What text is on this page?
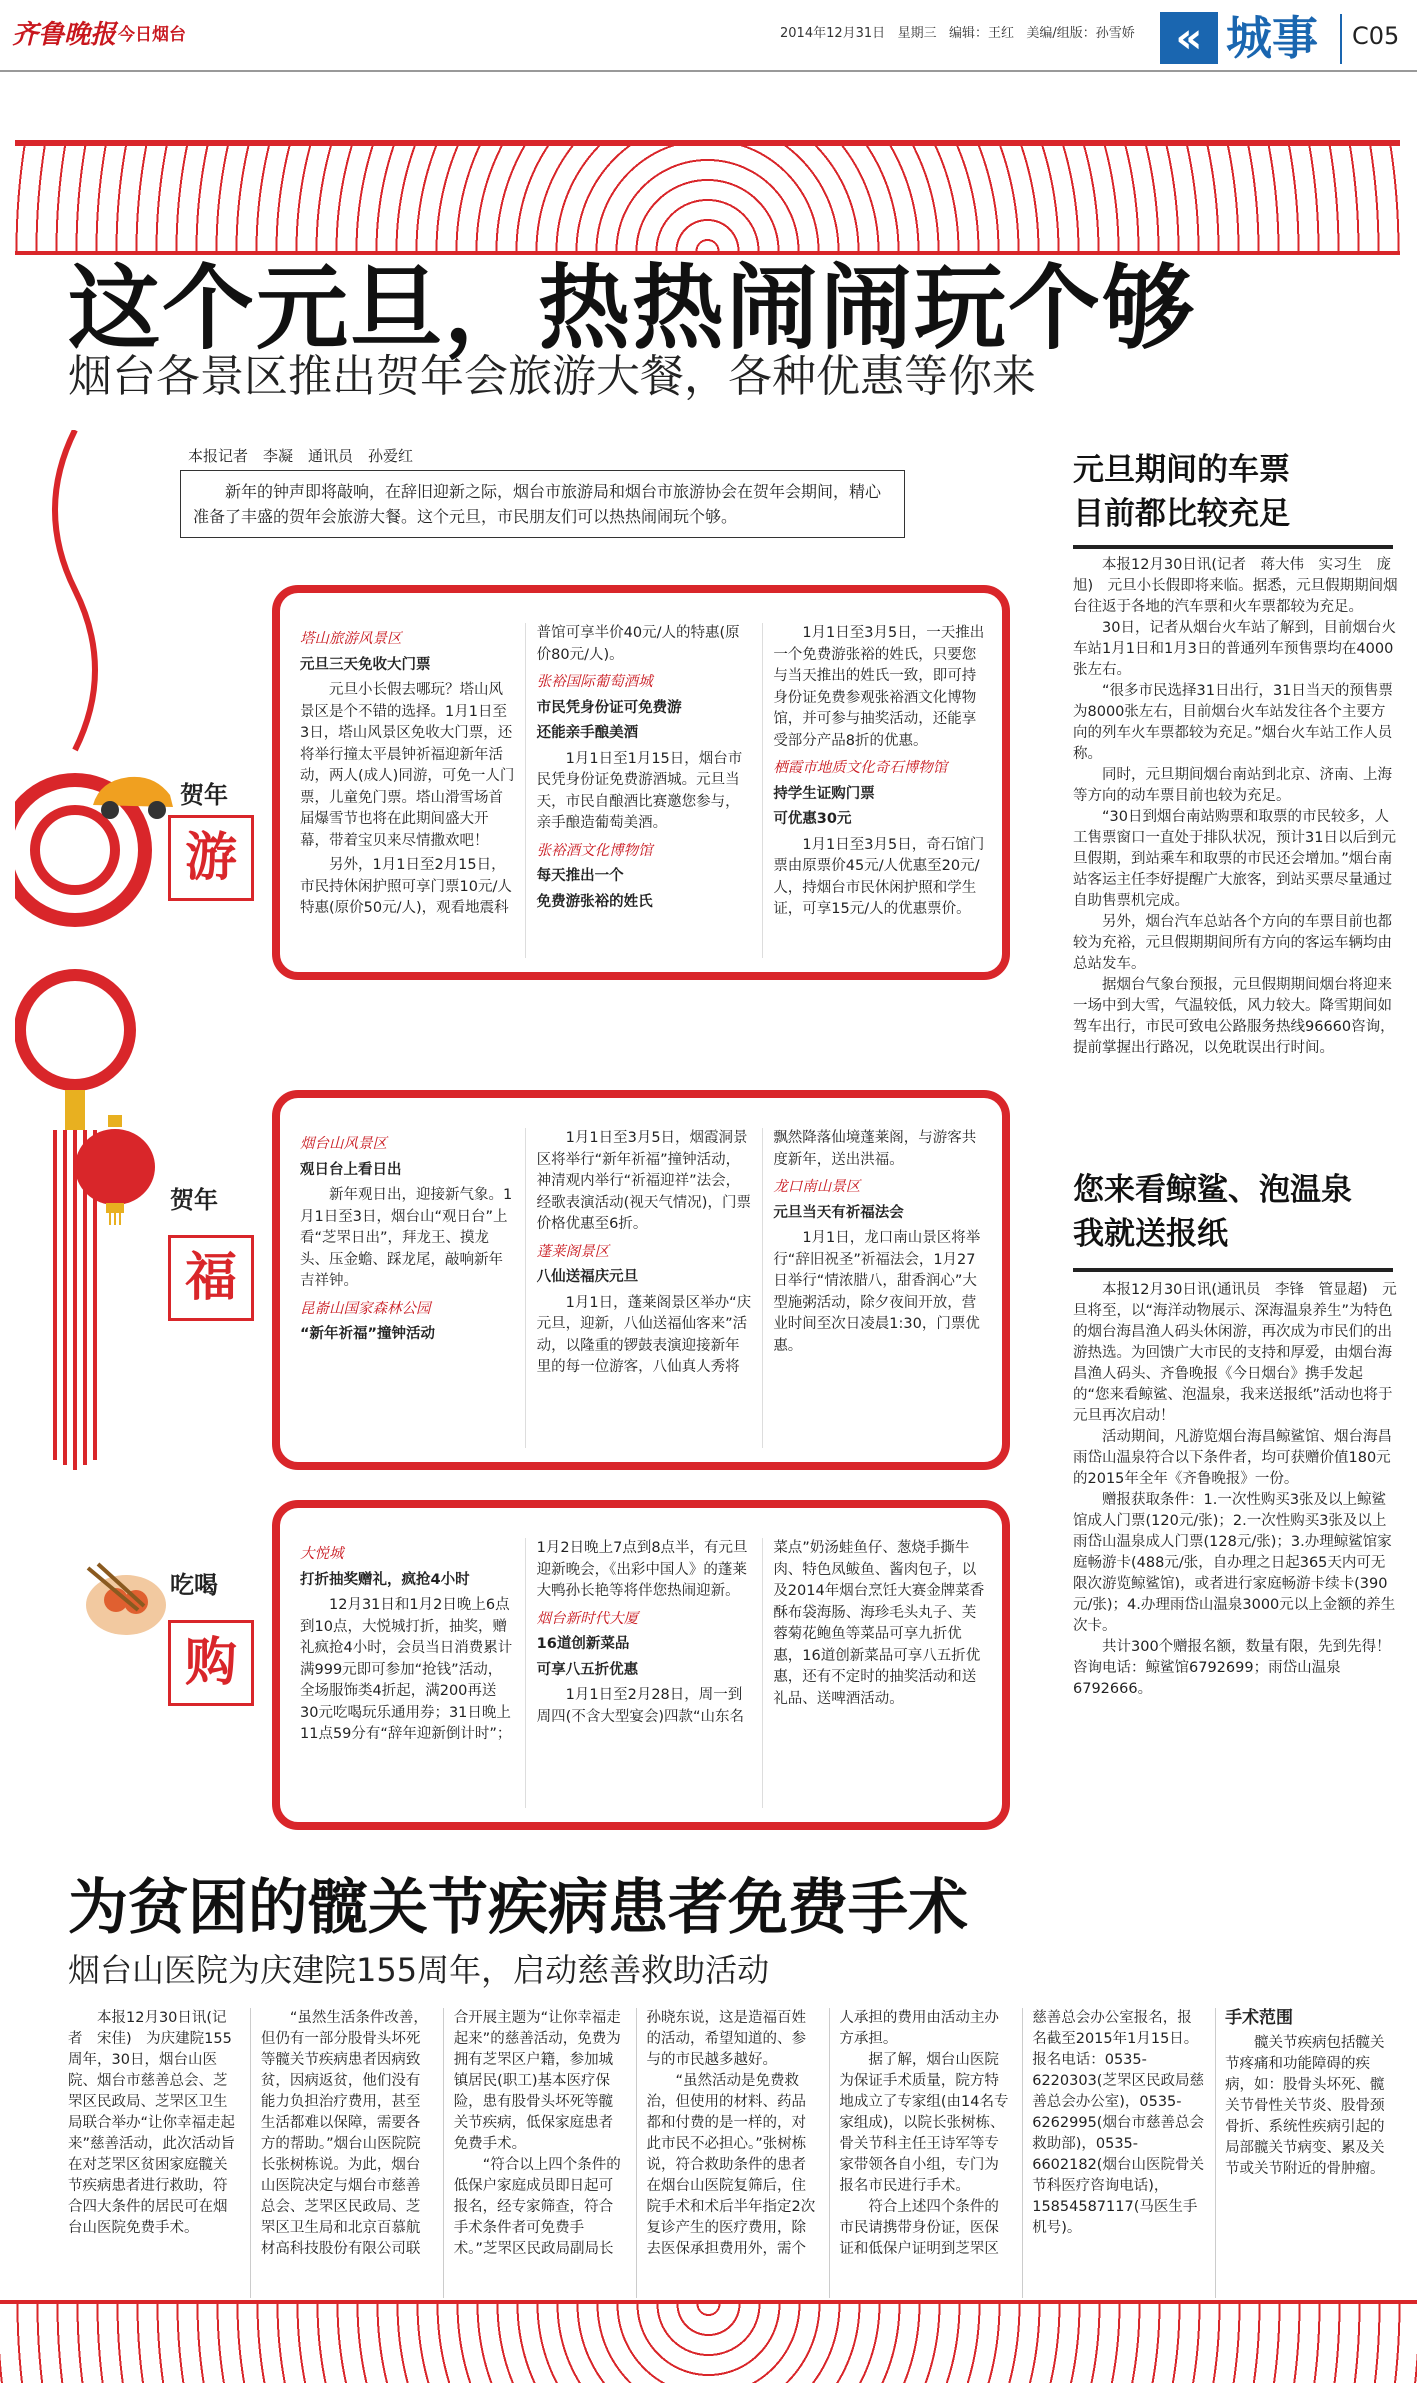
齐鲁晚报 今日烟台	2014年12月31日   星期三   编辑：王红   美编/组版：孙雪娇 « 城事 C05
这个元旦，热热闹闹玩个够
烟台各景区推出贺年会旅游大餐，各种优惠等你来
本报记者　李凝　通讯员　孙爱红
新年的钟声即将敲响，在辞旧迎新之际，烟台市旅游局和烟台市旅游协会在贺年会期间，精心准备了丰盛的贺年会旅游大餐。这个元旦，市民朋友们可以热热闹闹玩个够。
贺年
游
贺年
福
吃喝
购
塔山旅游风景区
元旦三天免收大门票

元旦小长假去哪玩？塔山风景区是个不错的选择。1月1日至3日，塔山风景区免收大门票，还将举行撞太平晨钟祈福迎新年活动，两人(成人)同游，可免一人门票，儿童免门票。塔山滑雪场首届爆雪节也将在此期间盛大开幕，带着宝贝来尽情撒欢吧！

另外，1月1日至2月15日，市民持休闲护照可享门票10元/人特惠(原价50元/人)，观看地震科普馆可享半价40元/人的特惠(原价80元/人)。

张裕国际葡萄酒城
市民凭身份证可免费游
还能亲手酿美酒

1月1日至1月15日，烟台市民凭身份证免费游酒城。元旦当天，市民自酿酒比赛邀您参与，亲手酿造葡萄美酒。

张裕酒文化博物馆
每天推出一个
免费游张裕的姓氏

1月1日至3月5日，一天推出一个免费游张裕的姓氏，只要您与当天推出的姓氏一致，即可持身份证免费参观张裕酒文化博物馆，并可参与抽奖活动，还能享受部分产品8折的优惠。

栖霞市地质文化奇石博物馆
持学生证购门票
可优惠30元

1月1日至3月5日，奇石馆门票由原票价45元/人优惠至20元/人，持烟台市民休闲护照和学生证，可享15元/人的优惠票价。

烟台山风景区
观日台上看日出

新年观日出，迎接新气象。1月1日至3日，烟台山“观日台”上看“芝罘日出”，拜龙王、摸龙头、压金蟾、踩龙尾，敲响新年吉祥钟。

昆嵛山国家森林公园
“新年祈福”撞钟活动

1月1日至3月5日，烟霞洞景区将举行“新年祈福”撞钟活动，神清观内举行“祈福迎祥”法会，经歌表演活动(视天气情况)，门票价格优惠至6折。

蓬莱阁景区
八仙送福庆元旦

1月1日，蓬莱阁景区举办“庆元旦，迎新，八仙送福仙客来”活动，以隆重的锣鼓表演迎接新年里的每一位游客，八仙真人秀将飘然降落仙境蓬莱阁，与游客共度新年，送出洪福。

龙口南山景区
元旦当天有祈福法会

1月1日，龙口南山景区将举行“辞旧祝圣”祈福法会，1月27日举行“情浓腊八，甜香润心”大型施粥活动，除夕夜间开放，营业时间至次日凌晨1:30，门票优惠。

大悦城
打折抽奖赠礼，疯抢4小时

12月31日和1月2日晚上6点到10点，大悦城打折，抽奖，赠礼疯抢4小时，会员当日消费累计满999元即可参加“抢钱”活动，全场服饰类4折起，满200再送30元吃喝玩乐通用券；31日晚上11点59分有“辞年迎新倒计时”；1月2日晚上7点到8点半，有元旦迎新晚会，《出彩中国人》的蓬莱大鸭孙长艳等将伴您热闹迎新。

烟台新时代大厦
16道创新菜品
可享八五折优惠

1月1日至2月28日，周一到周四(不含大型宴会)四款“山东名菜点”奶汤蛙鱼仔、葱烧手撕牛肉、特色凤鲅鱼、酱肉包子，以及2014年烟台烹饪大赛金牌菜香酥布袋海肠、海珍毛头丸子、芙蓉菊花鲍鱼等菜品可享九折优惠，16道创新菜品可享八五折优惠，还有不定时的抽奖活动和送礼品、送啤酒活动。

元旦期间的车票
目前都比较充足

本报12月30日讯(记者　蒋大伟　实习生　庞旭)　元旦小长假即将来临。据悉，元旦假期期间烟台往返于各地的汽车票和火车票都较为充足。

30日，记者从烟台火车站了解到，目前烟台火车站1月1日和1月3日的普通列车预售票均在4000张左右。

“很多市民选择31日出行，31日当天的预售票为8000张左右，目前烟台火车站发往各个主要方向的列车火车票都较为充足。”烟台火车站工作人员称。

同时，元旦期间烟台南站到北京、济南、上海等方向的动车票目前也较为充足。

“30日到烟台南站购票和取票的市民较多，人工售票窗口一直处于排队状况，预计31日以后到元旦假期，到站乘车和取票的市民还会增加。”烟台南站客运主任李妤提醒广大旅客，到站买票尽量通过自助售票机完成。

另外，烟台汽车总站各个方向的车票目前也都较为充裕，元旦假期期间所有方向的客运车辆均由总站发车。

据烟台气象台预报，元旦假期期间烟台将迎来一场中到大雪，气温较低，风力较大。降雪期间如驾车出行，市民可致电公路服务热线96660咨询，提前掌握出行路况，以免耽误出行时间。

您来看鲸鲨、泡温泉
我就送报纸

本报12月30日讯(通讯员　李锋　管显超)　元旦将至，以“海洋动物展示、深海温泉养生”为特色的烟台海昌渔人码头休闲游，再次成为市民们的出游热选。为回馈广大市民的支持和厚爱，由烟台海昌渔人码头、齐鲁晚报《今日烟台》携手发起的“您来看鲸鲨、泡温泉，我来送报纸”活动也将于元旦再次启动！

活动期间，凡游览烟台海昌鲸鲨馆、烟台海昌雨岱山温泉符合以下条件者，均可获赠价值180元的2015年全年《齐鲁晚报》一份。

赠报获取条件：1.一次性购买3张及以上鲸鲨馆成人门票(120元/张)；2.一次性购买3张及以上雨岱山温泉成人门票(128元/张)；3.办理鲸鲨馆家庭畅游卡(488元/张，自办理之日起365天内可无限次游览鲸鲨馆)，或者进行家庭畅游卡续卡(390元/张)；4.办理雨岱山温泉3000元以上金额的养生次卡。

共计300个赠报名额，数量有限，先到先得！咨询电话：鲸鲨馆6792699；雨岱山温泉6792666。

为贫困的髋关节疾病患者免费手术
烟台山医院为庆建院155周年，启动慈善救助活动

本报12月30日讯(记者　宋佳)　为庆建院155周年，30日，烟台山医院、烟台市慈善总会、芝罘区民政局、芝罘区卫生局联合举办“让你幸福走起来”慈善活动，此次活动旨在对芝罘区贫困家庭髋关节疾病患者进行救助，符合四大条件的居民可在烟台山医院免费手术。

“虽然生活条件改善，但仍有一部分股骨头坏死等髋关节疾病患者因病致贫，因病返贫，他们没有能力负担治疗费用，甚至生活都难以保障，需要各方的帮助。”烟台山医院院长张树栋说。为此，烟台山医院决定与烟台市慈善总会、芝罘区民政局、芝罘区卫生局和北京百慕航材高科技股份有限公司联合开展主题为“让你幸福走起来”的慈善活动，免费为拥有芝罘区户籍，参加城镇居民(职工)基本医疗保险，患有股骨头坏死等髋关节疾病，低保家庭患者免费手术。

“符合以上四个条件的低保户家庭成员即日起可报名，经专家筛查，符合手术条件者可免费手术。”芝罘区民政局副局长孙晓东说，这是造福百姓的活动，希望知道的、参与的市民越多越好。

“虽然活动是免费救治，但使用的材料、药品都和付费的是一样的，对此市民不必担心。”张树栋说，符合救助条件的患者在烟台山医院复筛后，住院手术和术后半年指定2次复诊产生的医疗费用，除去医保承担费用外，需个人承担的费用由活动主办方承担。

据了解，烟台山医院为保证手术质量，院方特地成立了专家组(由14名专家组成)，以院长张树栋、骨关节科主任王诗军等专家带领各自小组，专门为报名市民进行手术。

符合上述四个条件的市民请携带身份证，医保证和低保户证明到芝罘区慈善总会办公室报名，报名截至2015年1月15日。报名电话：0535-6220303(芝罘区民政局慈善总会办公室)，0535-6262995(烟台市慈善总会救助部)，0535-6602182(烟台山医院骨关节科医疗咨询电话)，15854587117(马医生手机号)。

手术范围

髋关节疾病包括髋关节疼痛和功能障碍的疾病，如：股骨头坏死、髋关节骨性关节炎、股骨颈骨折、系统性疾病引起的局部髋关节病变、累及关节或关节附近的骨肿瘤。
